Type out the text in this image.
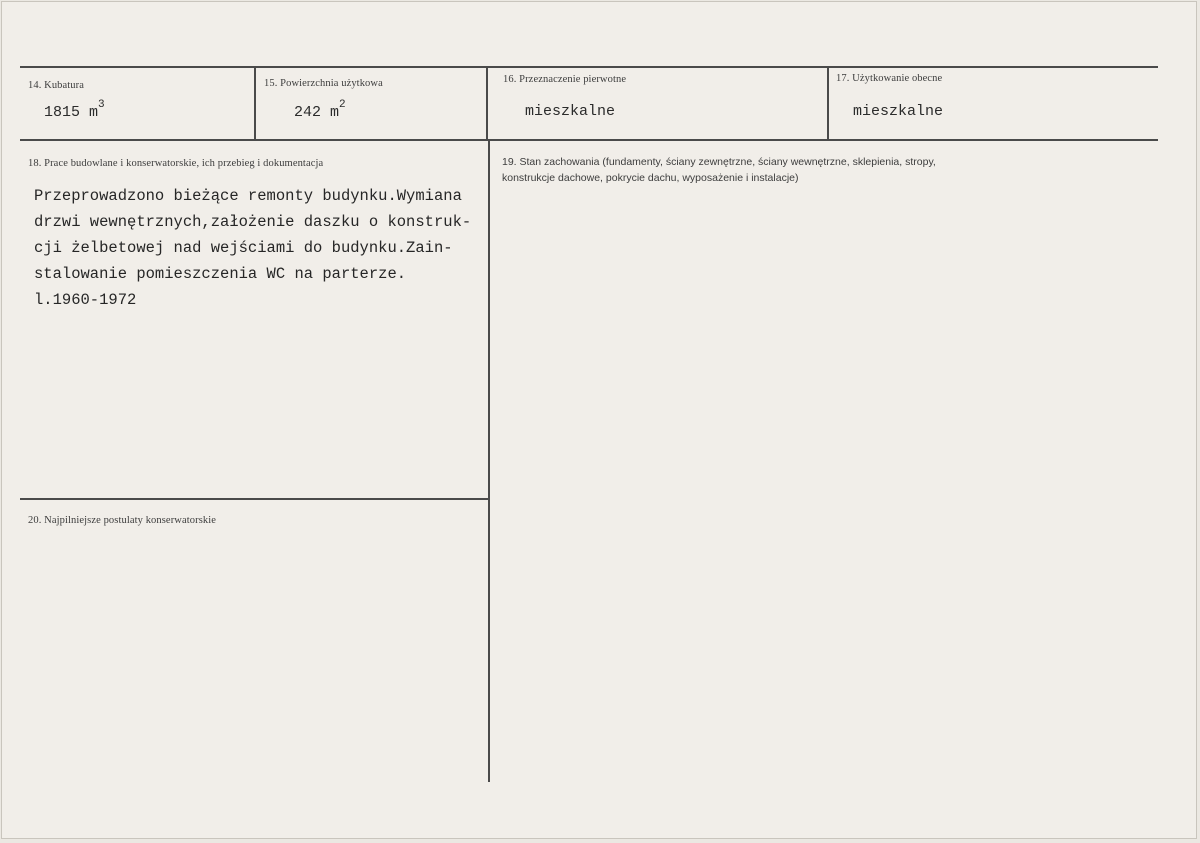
14. Kubatura
1815 $m^3$
15. Powierzchnia użytkowa
242 $m^2$
16. Przeznaczenie pierwotne
mieszkalne
17. Użytkowanie obecne
mieszkalne
18. Prace budowlane i konserwatorskie, ich przebieg i dokumentacja
Przeprowadzono bieżące remonty budynku.Wymiana
drzwi wewnętrznych,założenie daszku o konstruk-
cji żelbetowej nad wejściami do budynku.Zain-
stalowanie pomieszczenia WC na parterze.
l.1960-1972
19. Stan zachowania (fundamenty, ściany zewnętrzne, ściany wewnętrzne, sklepienia, stropy,
konstrukcje dachowe, pokrycie dachu, wyposażenie i instalacje)
20. Najpilniejsze postulaty konserwatorskie
